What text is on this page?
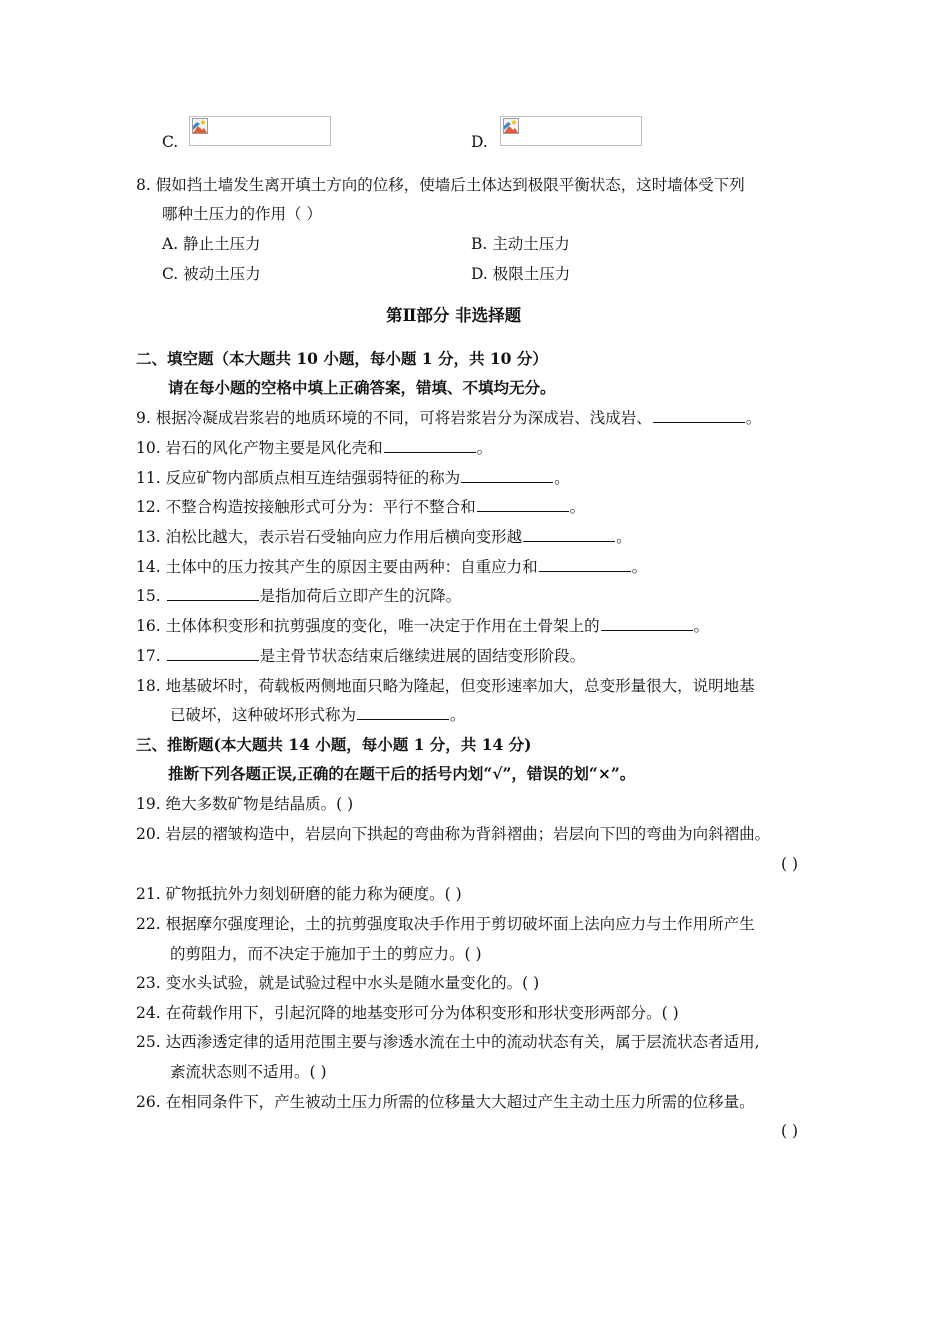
C.	D.
8. 假如挡土墙发生离开填土方向的位移，使墙后土体达到极限平衡状态，这时墙体受下列
哪种土压力的作用（ ）
A. 静止土压力	B. 主动土压力
C. 被动土压力	D. 极限土压力
第Ⅱ部分 非选择题
二、填空题（本大题共 10 小题，每小题 1 分，共 10 分）
请在每小题的空格中填上正确答案，错填、不填均无分。
9. 根据冷凝成岩浆岩的地质环境的不同，可将岩浆岩分为深成岩、浅成岩、	。
10. 岩石的风化产物主要是风化壳和	。
11. 反应矿物内部质点相互连结强弱特征的称为	。
12. 不整合构造按接触形式可分为：平行不整合和	。
13. 泊松比越大，表示岩石受轴向应力作用后横向变形越	。
14. 土体中的压力按其产生的原因主要由两种：自重应力和	。
15.	是指加荷后立即产生的沉降。
16. 土体体积变形和抗剪强度的变化，唯一决定于作用在土骨架上的	。
17.	是主骨节状态结束后继续进展的固结变形阶段。
18. 地基破坏时，荷载板两侧地面只略为隆起，但变形速率加大，总变形量很大，说明地基
已破坏，这种破坏形式称为	。
三、推断题(本大题共 14 小题，每小题 1 分，共 14 分)
推断下列各题正误,正确的在题干后的括号内划“√”，错误的划“×”。
19. 绝大多数矿物是结晶质。( )
20. 岩层的褶皱构造中，岩层向下拱起的弯曲称为背斜褶曲；岩层向下凹的弯曲为向斜褶曲。
( )
21. 矿物抵抗外力刻划研磨的能力称为硬度。( )
22. 根据摩尔强度理论，土的抗剪强度取决手作用于剪切破坏面上法向应力与土作用所产生
的剪阻力，而不决定于施加于土的剪应力。( )
23. 变水头试验，就是试验过程中水头是随水量变化的。( )
24. 在荷载作用下，引起沉降的地基变形可分为体积变形和形状变形两部分。( )
25. 达西渗透定律的适用范围主要与渗透水流在土中的流动状态有关，属于层流状态者适用,
紊流状态则不适用。( )
26. 在相同条件下，产生被动土压力所需的位移量大大超过产生主动土压力所需的位移量。
( )
